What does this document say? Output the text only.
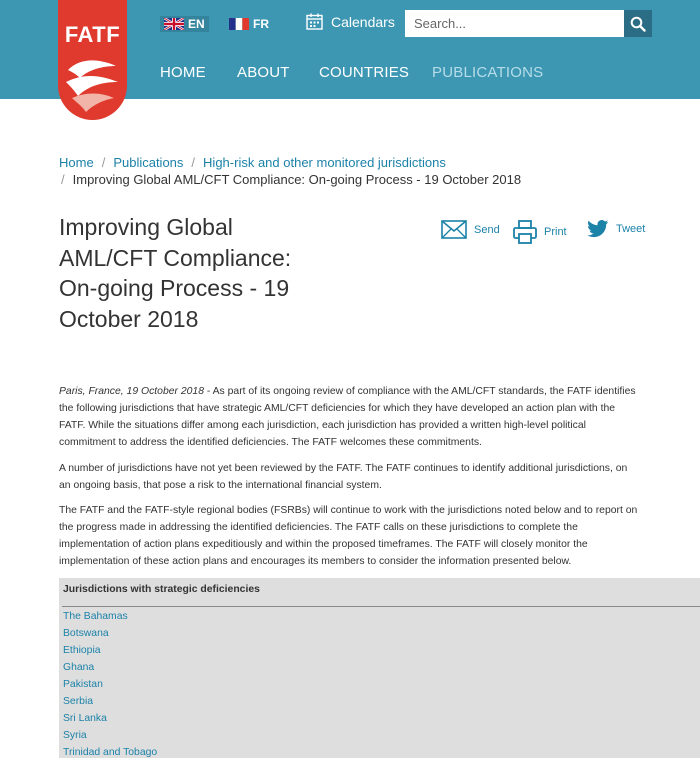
FATF	EN	FR	Calendars
Search...
HOME ABOUT COUNTRIES PUBLICATIONS
Home / Publications / High-risk and other monitored jurisdictions
/ Improving Global AML/CFT Compliance: On-going Process - 19 October 2018
Improving Global AML/CFT Compliance: On-going Process - 19 October 2018
Send	Print	Tweet

Paris, France, 19 October 2018 - As part of its ongoing review of compliance with the AML/CFT standards, the FATF identifies the following jurisdictions that have strategic AML/CFT deficiencies for which they have developed an action plan with the FATF. While the situations differ among each jurisdiction, each jurisdiction has provided a written high-level political commitment to address the identified deficiencies. The FATF welcomes these commitments.

A number of jurisdictions have not yet been reviewed by the FATF. The FATF continues to identify additional jurisdictions, on an ongoing basis, that pose a risk to the international financial system.

The FATF and the FATF-style regional bodies (FSRBs) will continue to work with the jurisdictions noted below and to report on the progress made in addressing the identified deficiencies. The FATF calls on these jurisdictions to complete the implementation of action plans expeditiously and within the proposed timeframes. The FATF will closely monitor the implementation of these action plans and encourages its members to consider the information presented below.

Jurisdictions with strategic deficiencies
The Bahamas
Botswana
Ethiopia
Ghana
Pakistan
Serbia
Sri Lanka
Syria
Trinidad and Tobago
